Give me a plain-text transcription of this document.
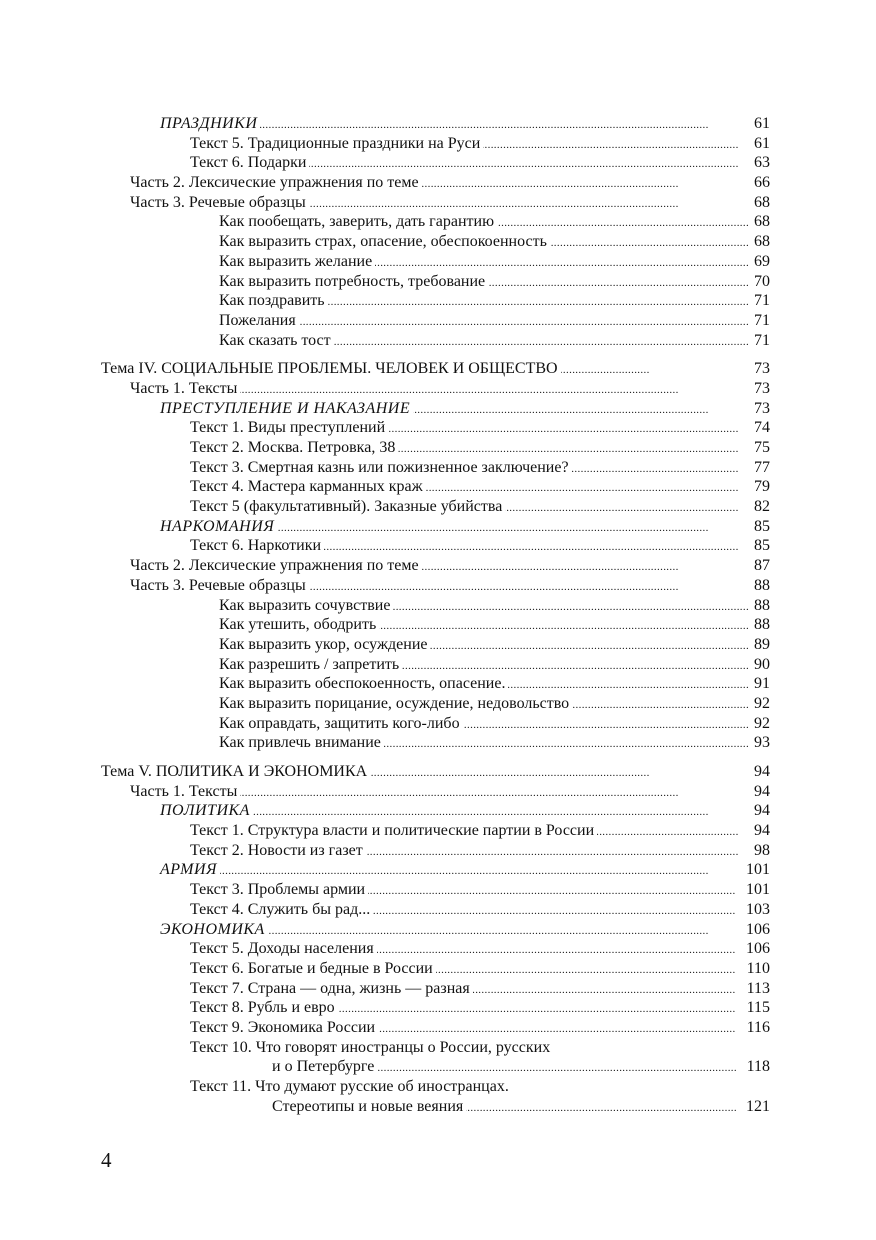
. . .
ПРАЗДНИКИ	61
. . .
Текст 5. Традиционные праздники на Руси	61
. . .
Текст 6. Подарки	63
. . .
Часть 2. Лексические упражнения по теме	66
. . .
Часть 3. Речевые образцы	68
. . .
Как пообещать, заверить, дать гарантию	68
. . .
Как выразить страх, опасение, обеспокоенность	68
. . .
Как выразить желание	69
. . .
Как выразить потребность, требование	70
. . .
Как поздравить	71
. . .
Пожелания	71
. . .
Как сказать тост	71
. . .
Тема IV. СОЦИАЛЬНЫЕ ПРОБЛЕМЫ. ЧЕЛОВЕК И ОБЩЕСТВО	73
. . .
Часть 1. Тексты	73
. . .
ПРЕСТУПЛЕНИЕ И НАКАЗАНИЕ	73
. . .
Текст 1. Виды преступлений	74
. . .
Текст 2. Москва. Петровка, 38	75
. . .
Текст 3. Смертная казнь или пожизненное заключение?	77
. . .
Текст 4. Мастера карманных краж	79
. . .
Текст 5 (факультативный). Заказные убийства	82
. . .
НАРКОМАНИЯ	85
. . .
Текст 6. Наркотики	85
. . .
Часть 2. Лексические упражнения по теме	87
. . .
Часть 3. Речевые образцы	88
. . .
Как выразить сочувствие	88
. . .
Как утешить, ободрить	88
. . .
Как выразить укор, осуждение	89
. . .
Как разрешить / запретить	90
. . .
Как выразить обеспокоенность, опасение.	91
. . .
Как выразить порицание, осуждение, недовольство	92
. . .
Как оправдать, защитить кого-либо	92
. . .
Как привлечь внимание	93
. . .
Тема V. ПОЛИТИКА И ЭКОНОМИКА	94
. . .
Часть 1. Тексты	94
. . .
ПОЛИТИКА	94
. . .
Текст 1. Структура власти и политические партии в России	94
. . .
Текст 2. Новости из газет	98
. . .
АРМИЯ	101
. . .
Текст 3. Проблемы армии	101
. . .
Текст 4. Служить бы рад...	103
. . .
ЭКОНОМИКА	106
. . .
Текст 5. Доходы населения	106
. . .
Текст 6. Богатые и бедные в России	110
. . .
Текст 7. Страна — одна, жизнь — разная	113
. . .
Текст 8. Рубль и евро	115
. . .
Текст 9. Экономика России	116
Текст 10. Что говорят иностранцы о России, русских
. . .
и о Петербурге	118
Текст 11. Что думают русские об иностранцах.
. . .
Стереотипы и новые веяния	121
4
